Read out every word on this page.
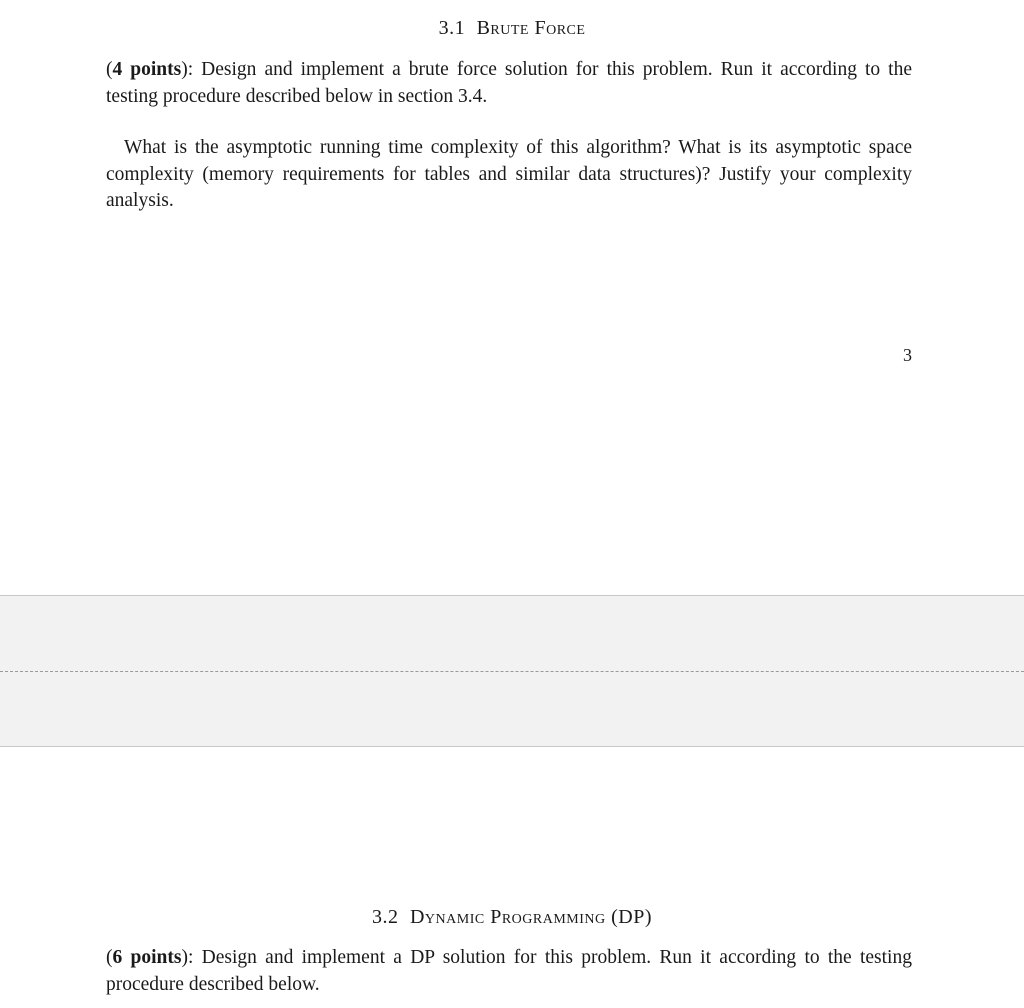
3.1 Brute Force

(4 points): Design and implement a brute force solution for this problem. Run it according to the testing procedure described below in section 3.4.

What is the asymptotic running time complexity of this algorithm? What is its asymptotic space complexity (memory requirements for tables and similar data structures)? Justify your complexity analysis.

3
3.2 Dynamic Programming (DP)

(6 points): Design and implement a DP solution for this problem. Run it according to the testing procedure described below.
